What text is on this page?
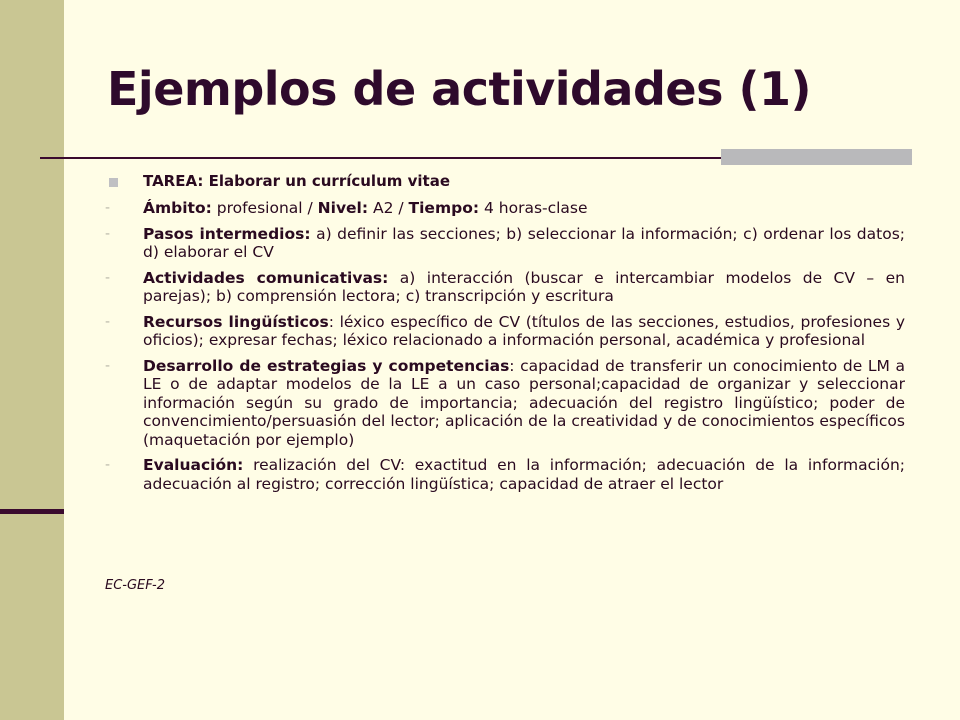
Ejemplos de actividades (1)
TAREA: Elaborar un currículum vitae
- Ámbito: profesional / Nivel: A2 / Tiempo: 4 horas-clase
- Pasos intermedios: a) definir las secciones; b) seleccionar la información; c) ordenar los datos; d) elaborar el CV
- Actividades comunicativas: a) interacción (buscar e intercambiar modelos de CV – en parejas); b) comprensión lectora; c) transcripción y escritura
- Recursos lingüísticos: léxico específico de CV (títulos de las secciones, estudios, profesiones y oficios); expresar fechas; léxico relacionado a información personal, académica y profesional
- Desarrollo de estrategias y competencias: capacidad de transferir un conocimiento de LM a LE o de adaptar modelos de la LE a un caso personal;capacidad de organizar y seleccionar información según su grado de importancia; adecuación del registro lingüístico; poder de convencimiento/persuasión del lector; aplicación de la creatividad y de conocimientos específicos (maquetación por ejemplo)
- Evaluación: realización del CV: exactitud en la información; adecuación de la información; adecuación al registro; corrección lingüística; capacidad de atraer el lector
EC-GEF-2
